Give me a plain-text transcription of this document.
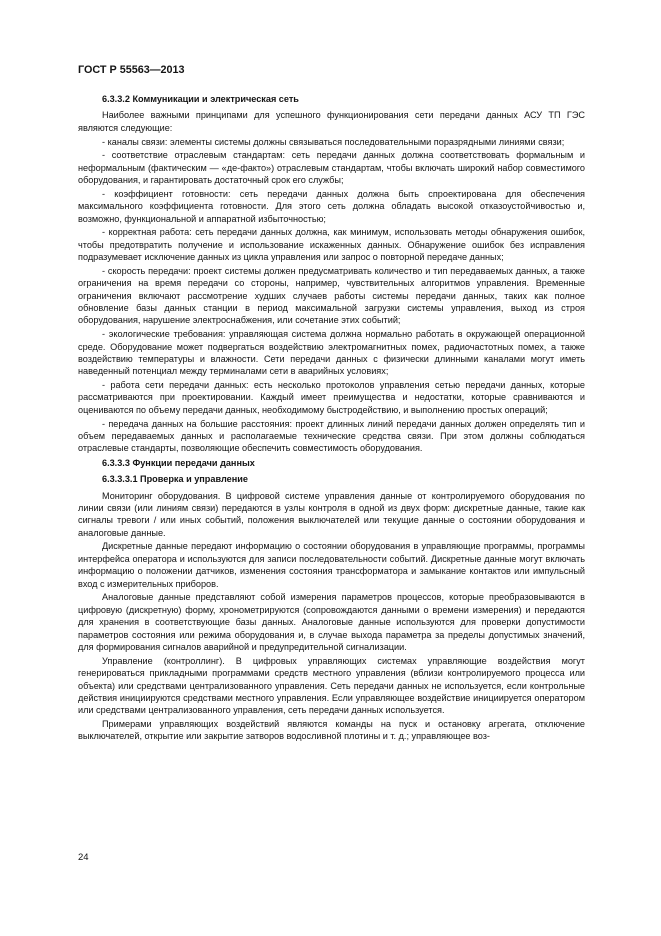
ГОСТ Р 55563—2013

6.3.3.2 Коммуникации и электрическая сеть

Наиболее важными принципами для успешного функционирования сети передачи данных АСУ ТП ГЭС являются следующие:

- каналы связи: элементы системы должны связываться последовательными поразрядными линиями связи;

- соответствие отраслевым стандартам: сеть передачи данных должна соответствовать формальным и неформальным (фактическим — «де-факто») отраслевым стандартам, чтобы включать широкий набор совместимого оборудования, и гарантировать достаточный срок его службы;

- коэффициент готовности: сеть передачи данных должна быть спроектирована для обеспечения максимального коэффициента готовности. Для этого сеть должна обладать высокой отказоустойчивостью и, возможно, функциональной и аппаратной избыточностью;

- корректная работа: сеть передачи данных должна, как минимум, использовать методы обнаружения ошибок, чтобы предотвратить получение и использование искаженных данных. Обнаружение ошибок без исправления подразумевает исключение данных из цикла управления или запрос о повторной передаче данных;

- скорость передачи: проект системы должен предусматривать количество и тип передаваемых данных, а также ограничения на время передачи со стороны, например, чувствительных алгоритмов управления. Временные ограничения включают рассмотрение худших случаев работы системы передачи данных, таких как полное обновление базы данных станции в период максимальной загрузки системы управления, выход из строя оборудования, нарушение электроснабжения, или сочетание этих событий;

- экологические требования: управляющая система должна нормально работать в окружающей операционной среде. Оборудование может подвергаться воздействию электромагнитных помех, радиочастотных помех, а также воздействию температуры и влажности. Сети передачи данных с физически длинными каналами могут иметь наведенный потенциал между терминалами сети в аварийных условиях;

- работа сети передачи данных: есть несколько протоколов управления сетью передачи данных, которые рассматриваются при проектировании. Каждый имеет преимущества и недостатки, которые сравниваются и оцениваются по объему передачи данных, необходимому быстродействию, и выполнению простых операций;

- передача данных на большие расстояния: проект длинных линий передачи данных должен определять тип и объем передаваемых данных и располагаемые технические средства связи. При этом должны соблюдаться отраслевые стандарты, позволяющие обеспечить совместимость оборудования.

6.3.3.3 Функции передачи данных

6.3.3.3.1 Проверка и управление

Мониторинг оборудования. В цифровой системе управления данные от контролируемого оборудования по линии связи (или линиям связи) передаются в узлы контроля в одной из двух форм: дискретные данные, такие как сигналы тревоги / или иных событий, положения выключателей или текущие данные о состоянии оборудования и аналоговые данные.

Дискретные данные передают информацию о состоянии оборудования в управляющие программы, программы интерфейса оператора и используются для записи последовательности событий. Дискретные данные могут включать информацию о положении датчиков, изменения состояния трансформатора и замыкание контактов или импульсный вход с измерительных приборов.

Аналоговые данные представляют собой измерения параметров процессов, которые преобразовываются в цифровую (дискретную) форму, хронометрируются (сопровождаются данными о времени измерения) и передаются для хранения в соответствующие базы данных. Аналоговые данные используются для проверки допустимости параметров состояния или режима оборудования и, в случае выхода параметра за пределы допустимых значений, для формирования сигналов аварийной и предупредительной сигнализации.

Управление (контроллинг). В цифровых управляющих системах управляющие воздействия могут генерироваться прикладными программами средств местного управления (вблизи контролируемого процесса или объекта) или средствами централизованного управления. Сеть передачи данных не используется, если контрольные действия инициируются средствами местного управления. Если управляющее воздействие инициируется оператором или средствами централизованного управления, сеть передачи данных используется.

Примерами управляющих воздействий являются команды на пуск и остановку агрегата, отключение выключателей, открытие или закрытие затворов водосливной плотины и т. д.; управляющее воз-

24
